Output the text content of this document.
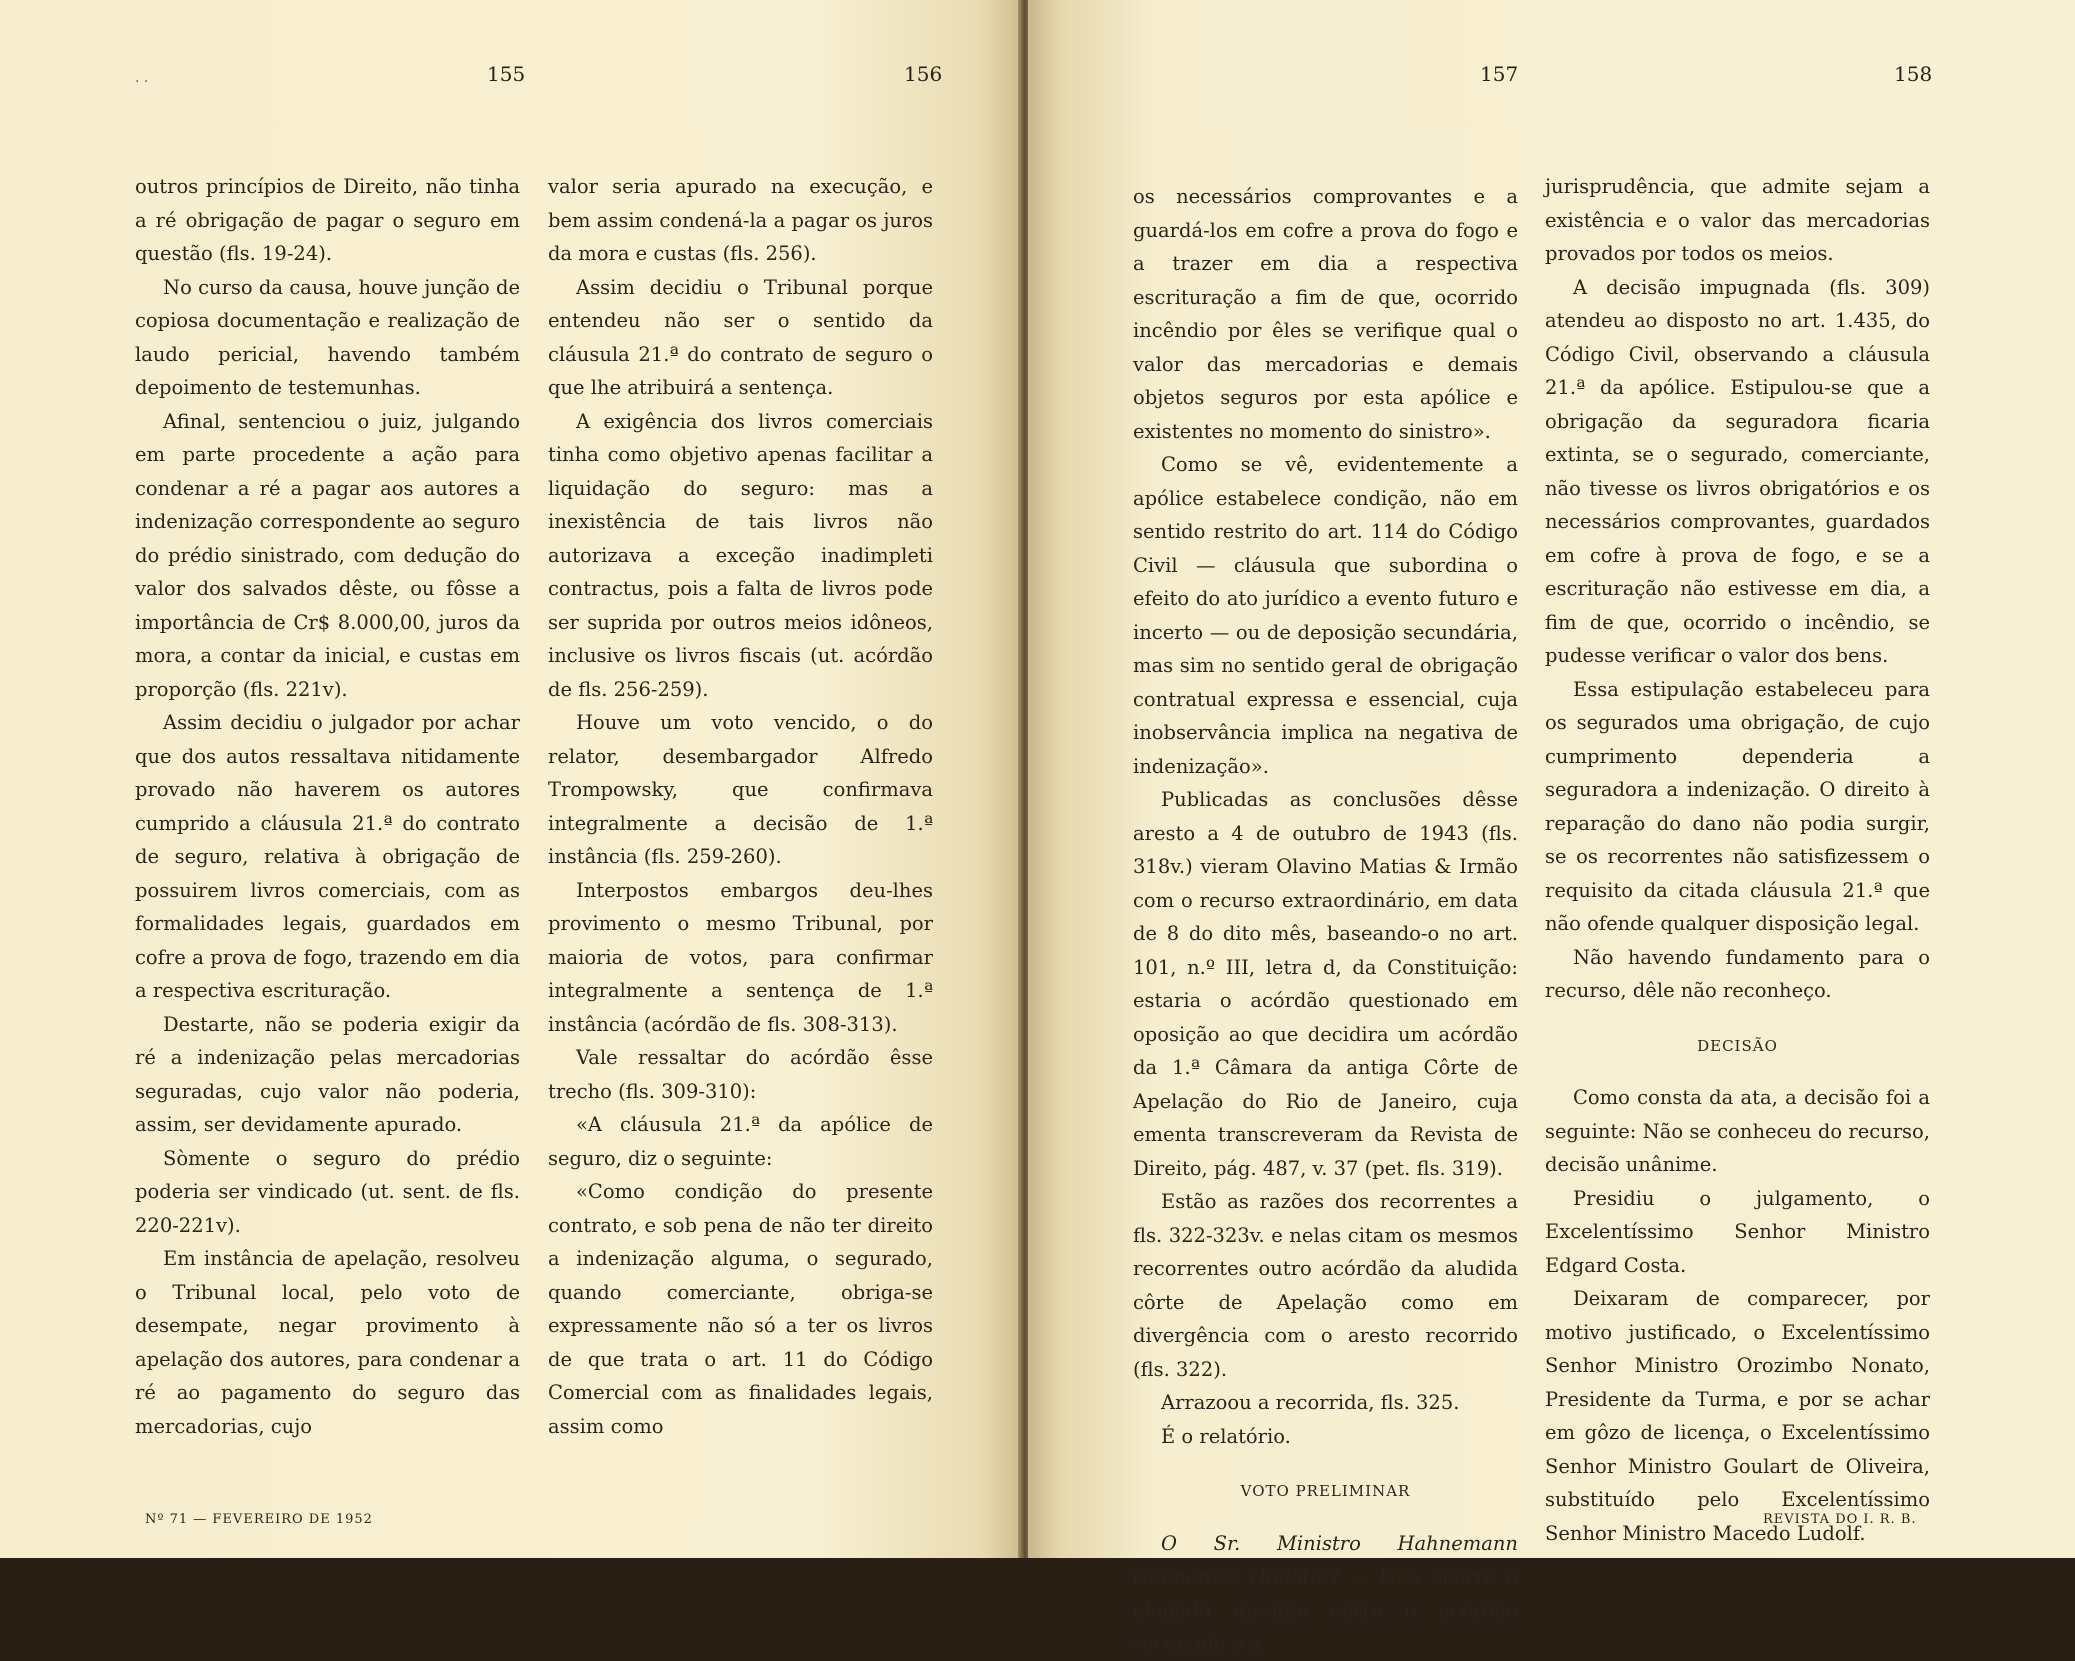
· ·	155	156

outros princípios de Direito, não tinha a ré obrigação de pagar o seguro em questão (fls. 19-24).

No curso da causa, houve junção de copiosa documentação e realização de laudo pericial, havendo também depoimento de testemunhas.

Afinal, sentenciou o juiz, julgando em parte procedente a ação para condenar a ré a pagar aos autores a indenização correspondente ao seguro do prédio sinistrado, com dedução do valor dos salvados dêste, ou fôsse a importância de Cr$ 8.000,00, juros da mora, a contar da inicial, e custas em proporção (fls. 221v).

Assim decidiu o julgador por achar que dos autos ressaltava nitidamente provado não haverem os autores cumprido a cláusula 21.ª do contrato de seguro, relativa à obrigação de possuirem livros comerciais, com as formalidades legais, guardados em cofre a prova de fogo, trazendo em dia a respectiva escrituração.

Destarte, não se poderia exigir da ré a indenização pelas mercadorias seguradas, cujo valor não poderia, assim, ser devidamente apurado.

Sòmente o seguro do prédio poderia ser vindicado (ut. sent. de fls. 220-221v).

Em instância de apelação, resolveu o Tribunal local, pelo voto de desempate, negar provimento à apelação dos autores, para condenar a ré ao pagamento do seguro das mercadorias, cujo

valor seria apurado na execução, e bem assim condená-la a pagar os juros da mora e custas (fls. 256).

Assim decidiu o Tribunal porque entendeu não ser o sentido da cláusula 21.ª do contrato de seguro o que lhe atribuirá a sentença.

A exigência dos livros comerciais tinha como objetivo apenas facilitar a liquidação do seguro: mas a inexistência de tais livros não autorizava a exceção inadimpleti contractus, pois a falta de livros pode ser suprida por outros meios idôneos, inclusive os livros fiscais (ut. acórdão de fls. 256-259).

Houve um voto vencido, o do relator, desembargador Alfredo Trompowsky, que confirmava integralmente a decisão de 1.ª instância (fls. 259-260).

Interpostos embargos deu-lhes provimento o mesmo Tribunal, por maioria de votos, para confirmar integralmente a sentença de 1.ª instância (acórdão de fls. 308-313).

Vale ressaltar do acórdão êsse trecho (fls. 309-310):

«A cláusula 21.ª da apólice de seguro, diz o seguinte:

«Como condição do presente contrato, e sob pena de não ter direito a indenização alguma, o segurado, quando comerciante, obriga-se expressamente não só a ter os livros de que trata o art. 11 do Código Comercial com as finalidades legais, assim como

Nº 71 — FEVEREIRO DE 1952
157	158

os necessários comprovantes e a guardá-los em cofre a prova do fogo e a trazer em dia a respectiva escrituração a fim de que, ocorrido incêndio por êles se verifique qual o valor das mercadorias e demais objetos seguros por esta apólice e existentes no momento do sinistro».

Como se vê, evidentemente a apólice estabelece condição, não em sentido restrito do art. 114 do Código Civil — cláusula que subordina o efeito do ato jurídico a evento futuro e incerto — ou de deposição secundária, mas sim no sentido geral de obrigação contratual expressa e essencial, cuja inobservância implica na negativa de indenização».

Publicadas as conclusões dêsse aresto a 4 de outubro de 1943 (fls. 318v.) vieram Olavino Matias & Irmão com o recurso extraordinário, em data de 8 do dito mês, baseando-o no art. 101, n.º III, letra d, da Constituição: estaria o acórdão questionado em oposição ao que decidira um acórdão da 1.ª Câmara da antiga Côrte de Apelação do Rio de Janeiro, cuja ementa transcreveram da Revista de Direito, pág. 487, v. 37 (pet. fls. 319).

Estão as razões dos recorrentes a fls. 322-323v. e nelas citam os mesmos recorrentes outro acórdão da aludida côrte de Apelação como em divergência com o aresto recorrido (fls. 322).

Arrazoou a recorrida, fls. 325.

É o relatório.

VOTO PRELIMINAR

O Sr. Ministro Hahnemann Guimarães (Relator) — Não ocorre o alegado dissídio entre o acórdão recorrido e a

jurisprudência, que admite sejam a existência e o valor das mercadorias provados por todos os meios.

A decisão impugnada (fls. 309) atendeu ao disposto no art. 1.435, do Código Civil, observando a cláusula 21.ª da apólice. Estipulou-se que a obrigação da seguradora ficaria extinta, se o segurado, comerciante, não tivesse os livros obrigatórios e os necessários comprovantes, guardados em cofre à prova de fogo, e se a escrituração não estivesse em dia, a fim de que, ocorrido o incêndio, se pudesse verificar o valor dos bens.

Essa estipulação estabeleceu para os segurados uma obrigação, de cujo cumprimento dependeria a seguradora a indenização. O direito à reparação do dano não podia surgir, se os recorrentes não satisfizessem o requisito da citada cláusula 21.ª que não ofende qualquer disposição legal.

Não havendo fundamento para o recurso, dêle não reconheço.

DECISÃO

Como consta da ata, a decisão foi a seguinte: Não se conheceu do recurso, decisão unânime.

Presidiu o julgamento, o Excelentíssimo Senhor Ministro Edgard Costa.

Deixaram de comparecer, por motivo justificado, o Excelentíssimo Senhor Ministro Orozimbo Nonato, Presidente da Turma, e por se achar em gôzo de licença, o Excelentíssimo Senhor Ministro Goulart de Oliveira, substituído pelo Excelentíssimo Senhor Ministro Macedo Ludolf.

REVISTA DO I. R. B.
